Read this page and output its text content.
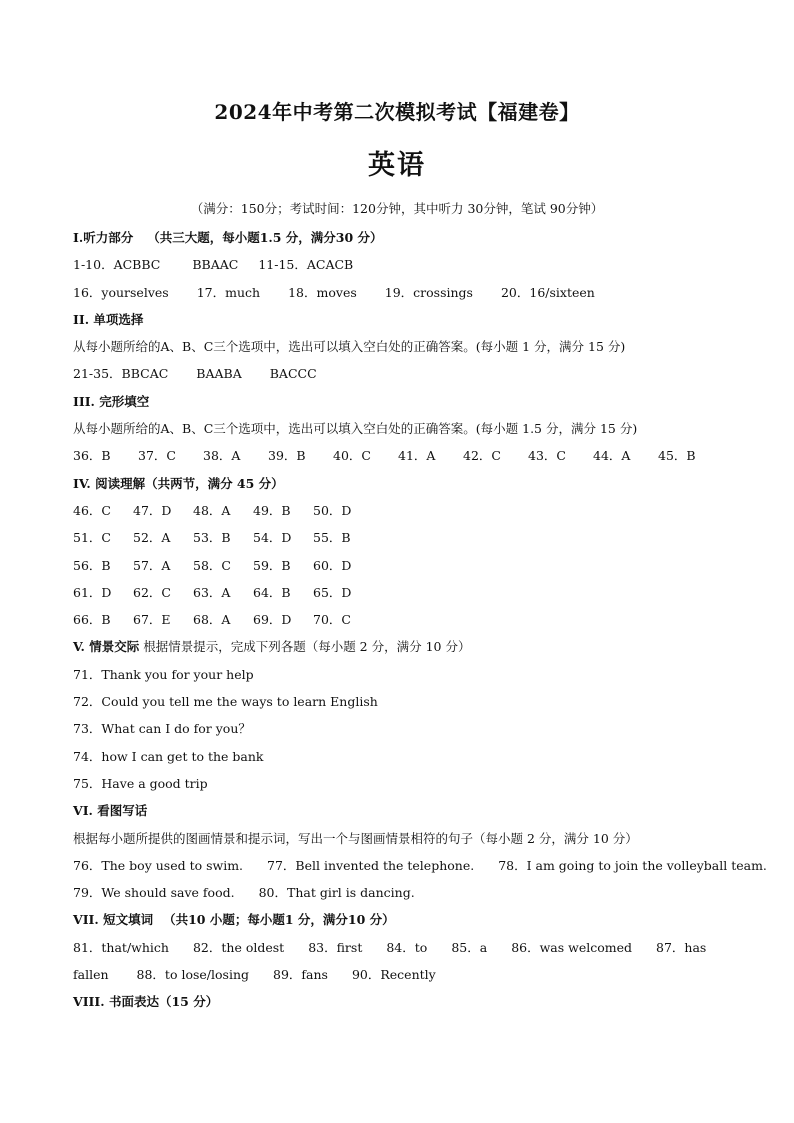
2024年中考第二次模拟考试【福建卷】
英语
（满分：150分；考试时间：120分钟，其中听力 30分钟，笔试 90分钟）
I.听力部分 （共三大题，每小题1.5 分，满分30 分）
1-10．ACBBC	BBAAC 11-15．ACACB
16．yourselves 17．much 18．moves 19．crossings 20．16/sixteen
II. 单项选择
从每小题所给的A、B、C三个选项中，选出可以填入空白处的正确答案。(每小题 1 分，满分 15 分)
21-35．BBCAC BAABA BACCC
III. 完形填空
从每小题所给的A、B、C三个选项中，选出可以填入空白处的正确答案。(每小题 1.5 分，满分 15 分)
36．B	37．C	38．A	39．B	40．C	41．A	42．C	43．C	44．A	45．B
IV. 阅读理解（共两节，满分 45 分）
46．C	47．D	48．A	49．B	50．D
51．C	52．A	53．B	54．D	55．B
56．B	57．A	58．C	59．B	60．D
61．D	62．C	63．A	64．B	65．D
66．B	67．E	68．A	69．D	70．C
V. 情景交际 根据情景提示，完成下列各题（每小题 2 分，满分 10 分）
71．Thank you for your help
72．Could you tell me the ways to learn English
73．What can I do for you？
74．how I can get to the bank
75．Have a good trip
VI. 看图写话
根据每小题所提供的图画情景和提示词，写出一个与图画情景相符的句子（每小题 2 分，满分 10 分）
76．The boy used to swim. 77．Bell invented the telephone. 78．I am going to join the volleyball team.
79．We should save food. 80．That girl is dancing.
VII. 短文填词 （共10 小题；每小题1 分，满分10 分）
81．that/which 82．the oldest 83．first 84．to 85．a 86．was welcomed 87．has
fallen 88．to lose/losing 89．fans 90．Recently
VIII. 书面表达（15 分）
